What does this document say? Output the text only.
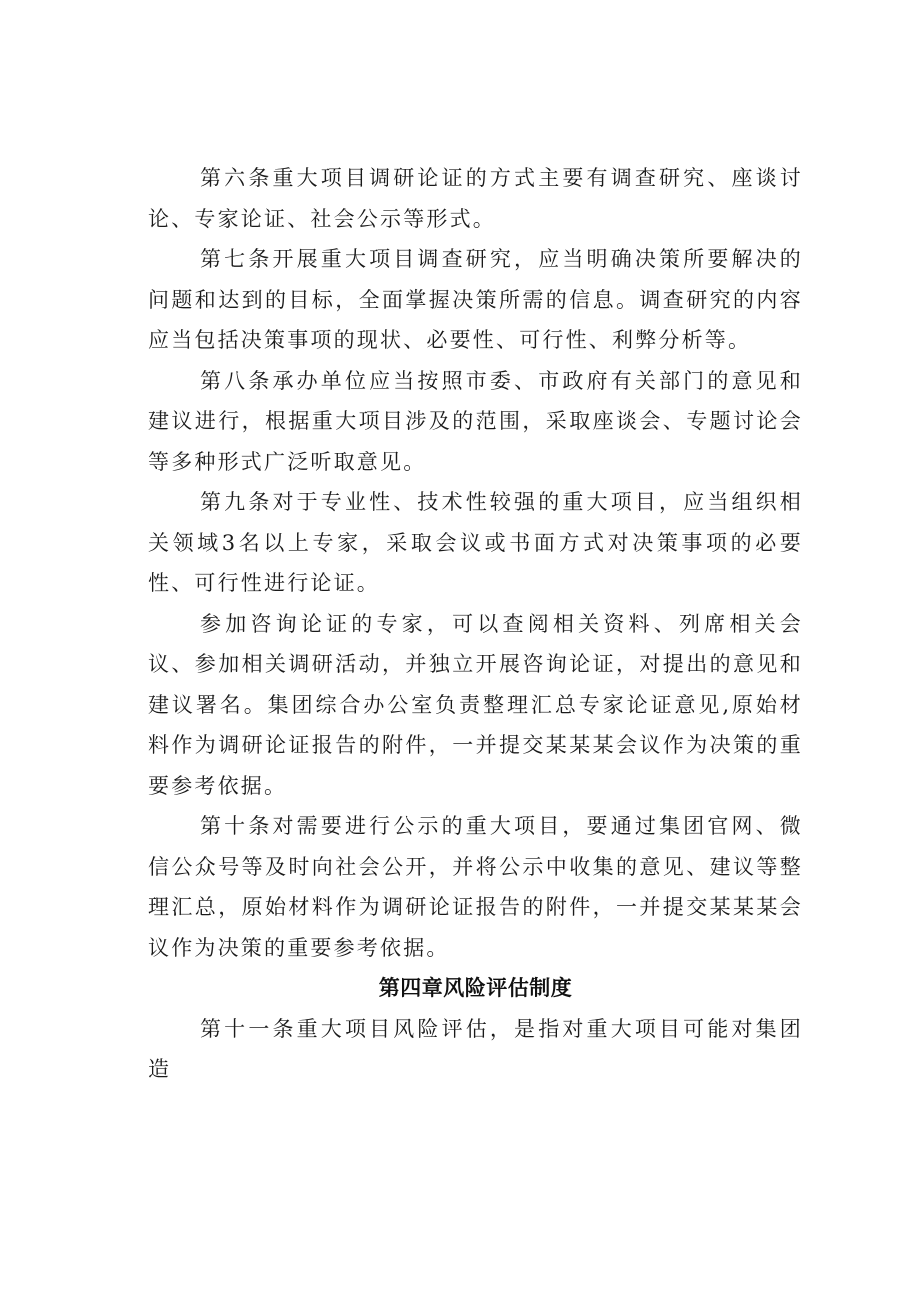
第六条重大项目调研论证的方式主要有调查研究、座谈讨论、专家论证、社会公示等形式。

第七条开展重大项目调查研究，应当明确决策所要解决的问题和达到的目标，全面掌握决策所需的信息。调查研究的内容应当包括决策事项的现状、必要性、可行性、利弊分析等。

第八条承办单位应当按照市委、市政府有关部门的意见和建议进行，根据重大项目涉及的范围，采取座谈会、专题讨论会等多种形式广泛听取意见。

第九条对于专业性、技术性较强的重大项目，应当组织相关领域3名以上专家，采取会议或书面方式对决策事项的必要性、可行性进行论证。

参加咨询论证的专家，可以查阅相关资料、列席相关会议、参加相关调研活动，并独立开展咨询论证，对提出的意见和建议署名。集团综合办公室负责整理汇总专家论证意见,原始材料作为调研论证报告的附件，一并提交某某某会议作为决策的重要参考依据。

第十条对需要进行公示的重大项目，要通过集团官网、微信公众号等及时向社会公开，并将公示中收集的意见、建议等整理汇总，原始材料作为调研论证报告的附件，一并提交某某某会议作为决策的重要参考依据。

第四章风险评估制度

第十一条重大项目风险评估，是指对重大项目可能对集团造
